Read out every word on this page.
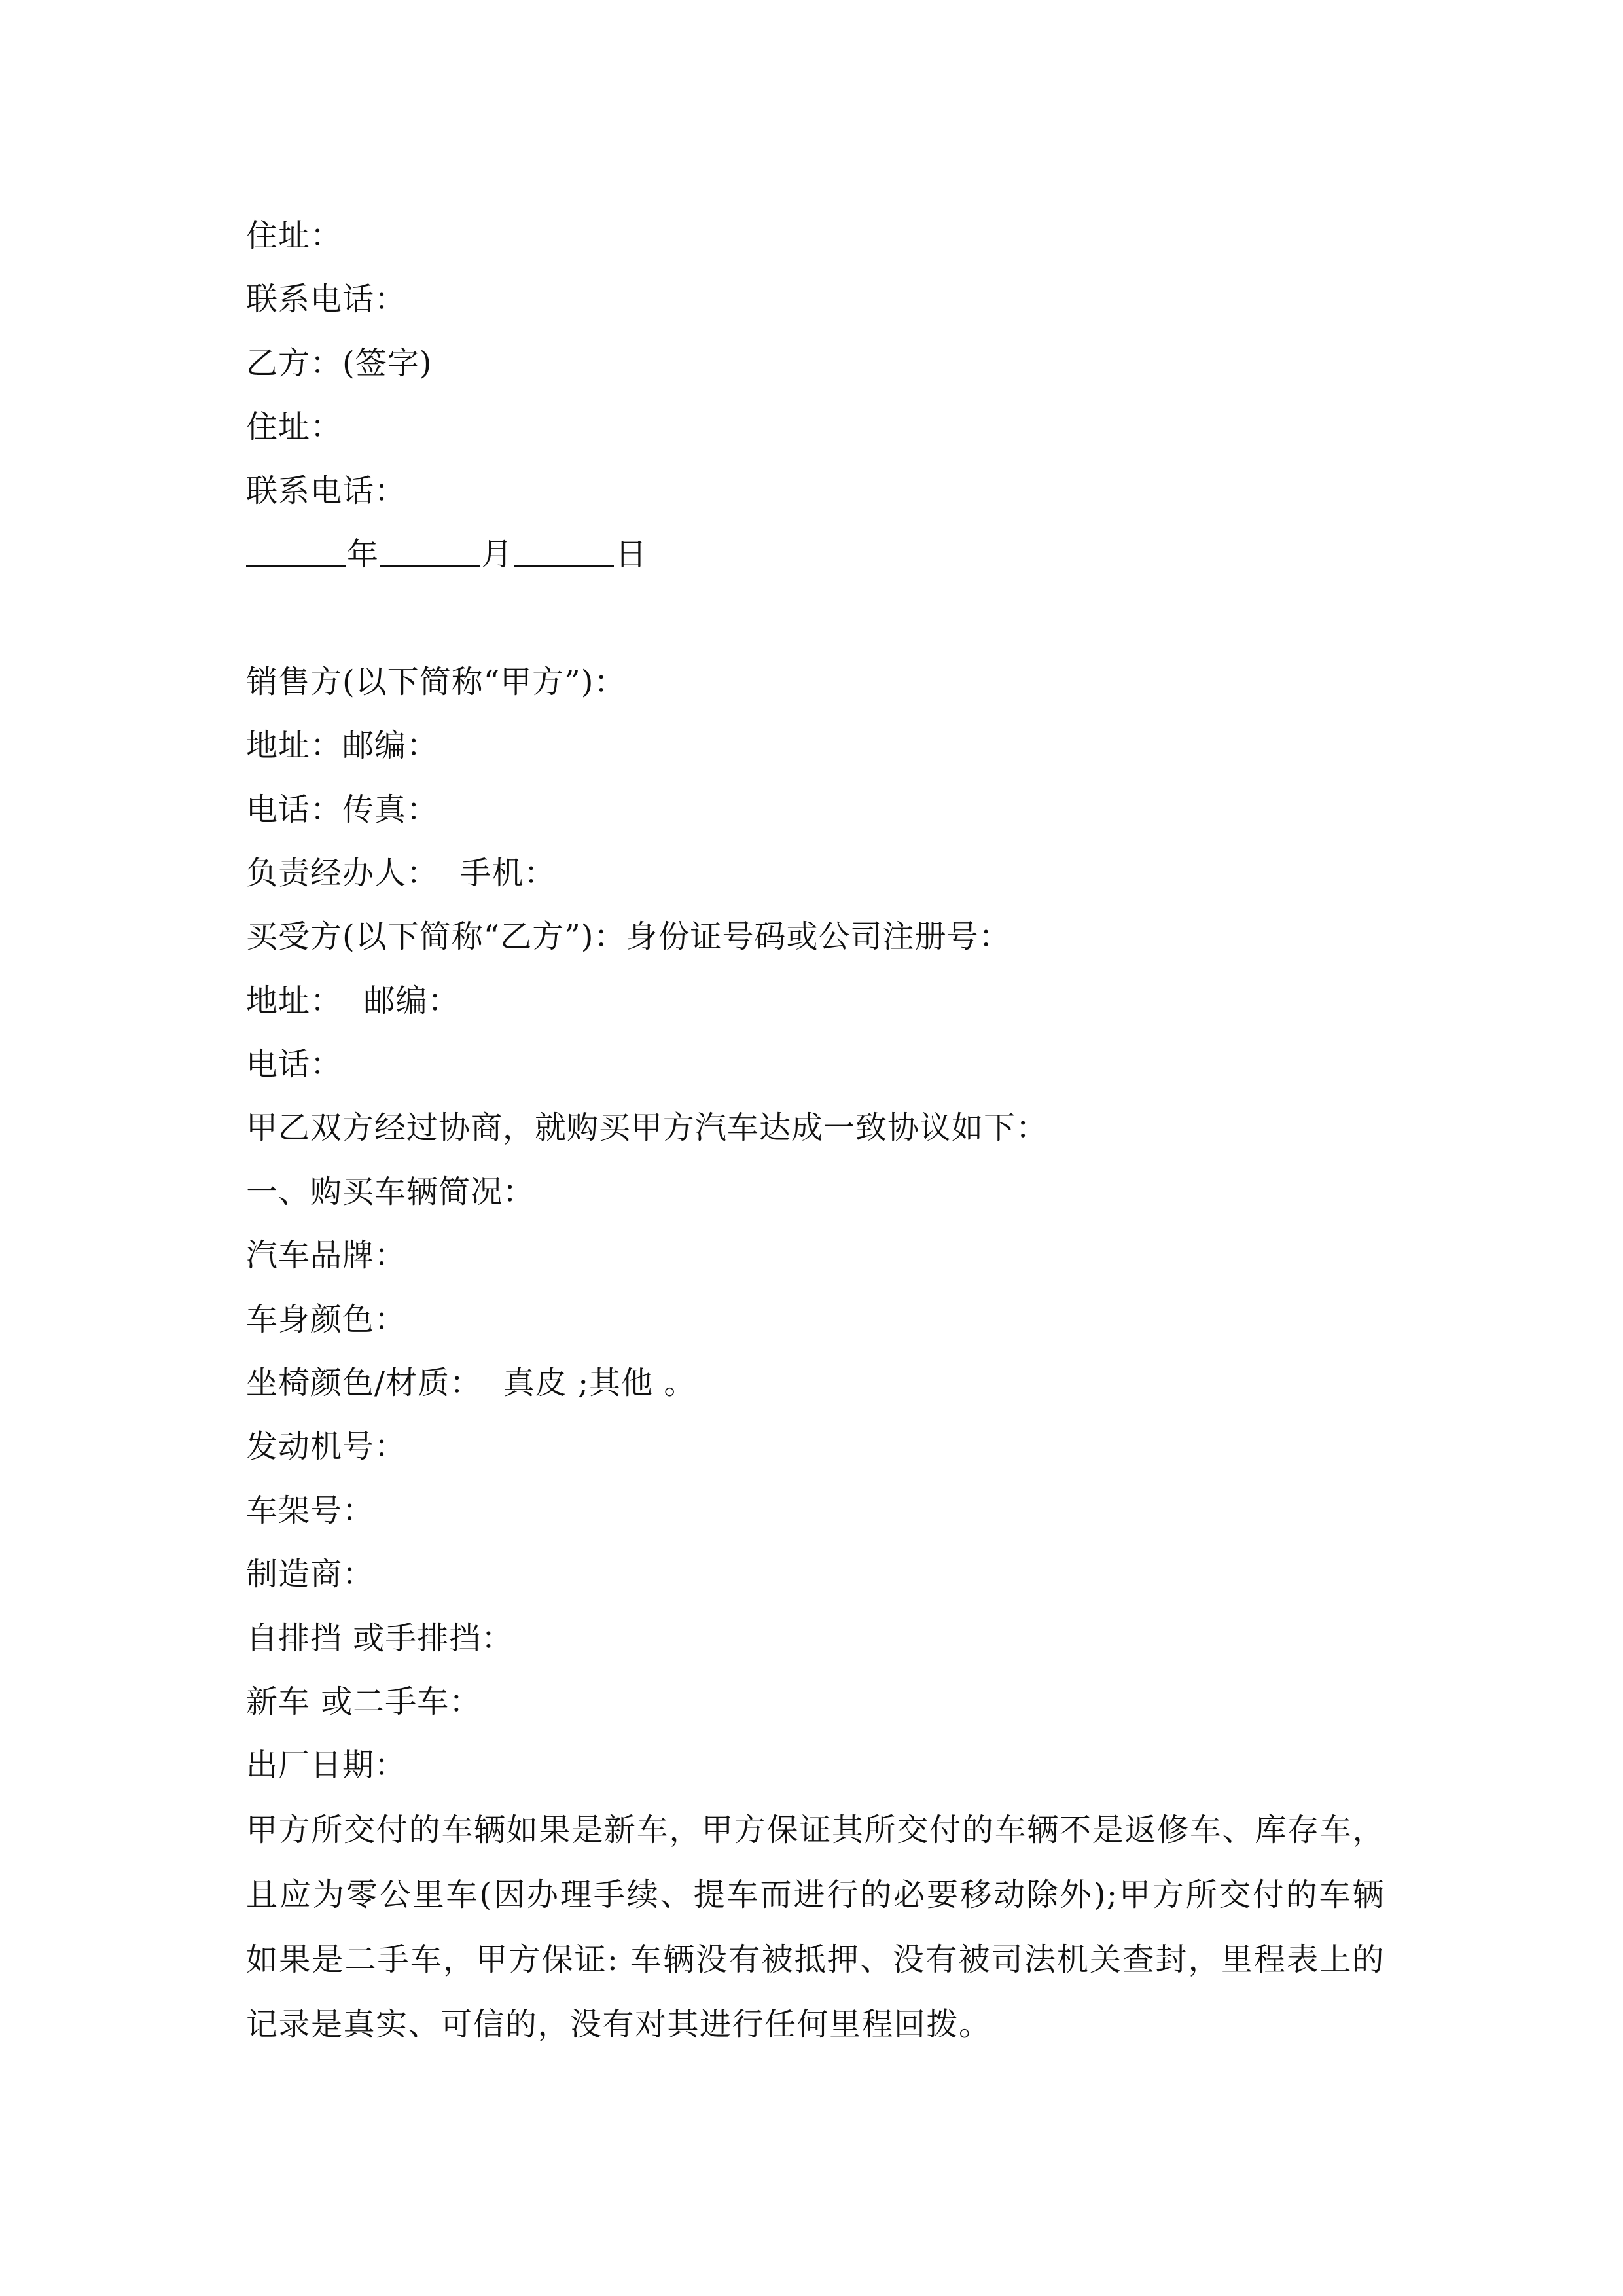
住址：
联系电话：
乙方：(签字)
住址：
联系电话：
年	月	日
销售方(以下简称“甲方”)：
地址：邮编：
电话：传真：
负责经办人：  手机：
买受方(以下简称“乙方”)：身份证号码或公司注册号：
地址：  邮编：
电话：
甲乙双方经过协商，就购买甲方汽车达成一致协议如下：
一、购买车辆简况：
汽车品牌：
车身颜色：
坐椅颜色/材质：  真皮 ;其他 。
发动机号：
车架号：
制造商：
自排挡 或手排挡：
新车 或二手车：
出厂日期：
甲方所交付的车辆如果是新车，甲方保证其所交付的车辆不是返修车、库存车，且应为零公里车(因办理手续、提车而进行的必要移动除外);甲方所交付的车辆如果是二手车，甲方保证: 车辆没有被抵押、没有被司法机关查封，里程表上的记录是真实、可信的，没有对其进行任何里程回拨。
